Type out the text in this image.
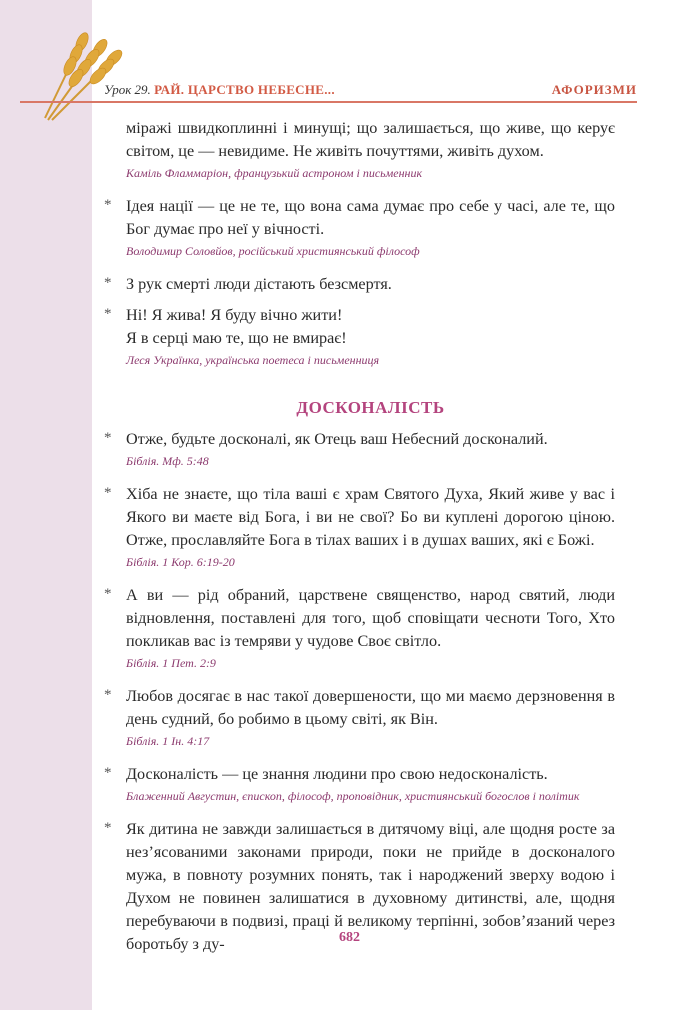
Урок 29. РАЙ. ЦАРСТВО НЕБЕСНЕ...	АФОРИЗМИ

міражі швидкоплинні і минущі; що залишається, що живе, що керує світом, це — невидиме. Не живіть почуттями, живіть духом.

Каміль Фламмаріон, французький астроном і письменник
* Ідея нації — це не те, що вона сама думає про себе у часі, але те, що Бог думає про неї у вічності.

Володимир Соловйов, російський християнський філософ
* З рук смерті люди дістають безсмертя.

* Ні! Я жива! Я буду вічно жити!

Я в серці маю те, що не вмирає!

Леся Українка, українська поетеса і письменниця
ДОСКОНАЛІСТЬ
* Отже, будьте досконалі, як Отець ваш Небесний досконалий.

Біблія. Мф. 5:48
* Хіба не знаєте, що тіла ваші є храм Святого Духа, Який живе у вас і Якого ви маєте від Бога, і ви не свої? Бо ви куплені дорогою ціною. Отже, прославляйте Бога в тілах ваших і в душах ваших, які є Божі.

Біблія. 1 Кор. 6:19-20
* А ви — рід обраний, царствене священство, народ святий, люди відновлення, поставлені для того, щоб сповіщати чесноти Того, Хто покликав вас із темряви у чудове Своє світло.

Біблія. 1 Пет. 2:9
* Любов досягає в нас такої довершености, що ми маємо дерзновення в день судний, бо робимо в цьому світі, як Він.

Біблія. 1 Ін. 4:17
* Досконалість — це знання людини про свою недосконалість.

Блаженний Августин, єпископ, філософ, проповідник, християнський богослов і політик
* Як дитина не завжди залишається в дитячому віці, але щодня росте за нез’ясованими законами природи, поки не прийде в досконалого мужа, в повноту розумних понять, так і народжений зверху водою і Духом не повинен залишатися в духовному дитинстві, але, щодня перебуваючи в подвизі, праці й великому терпінні, зобов’язаний через боротьбу з ду-	682
